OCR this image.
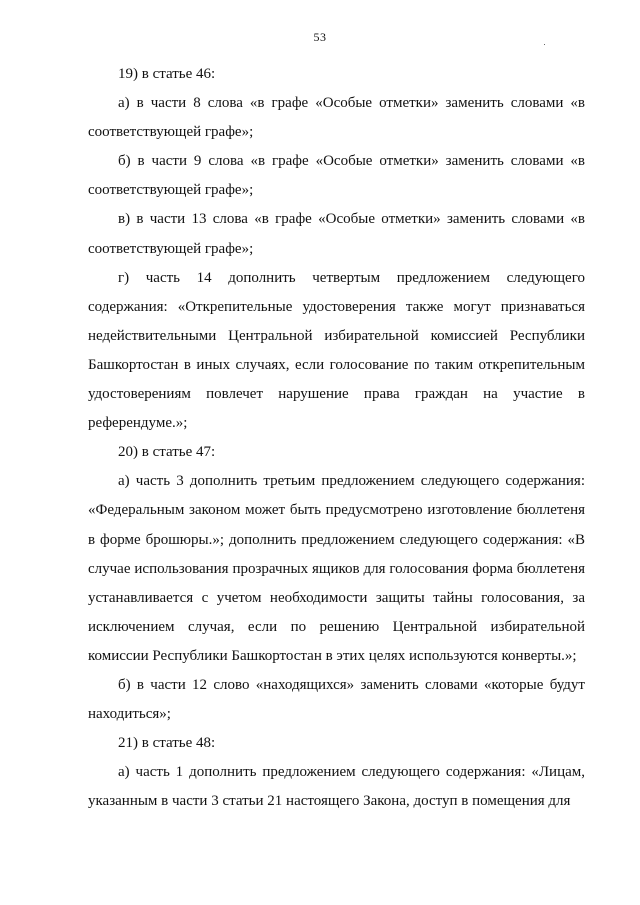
53

19) в статье 46:

а) в части 8 слова «в графе «Особые отметки» заменить словами «в соответствующей графе»;

б) в части 9 слова «в графе «Особые отметки» заменить словами «в соответствующей графе»;

в) в части 13 слова «в графе «Особые отметки» заменить словами «в соответствующей графе»;

г) часть 14 дополнить четвертым предложением следующего содержания: «Открепительные удостоверения также могут признаваться недействительными Центральной избирательной комиссией Республики Башкортостан в иных случаях, если голосование по таким открепительным удостоверениям повлечет нарушение права граждан на участие в референдуме.»;

20) в статье 47:

а) часть 3 дополнить третьим предложением следующего содержания: «Федеральным законом может быть предусмотрено изготовление бюллетеня в форме брошюры.»; дополнить предложением следующего содержания: «В случае использования прозрачных ящиков для голосования форма бюллетеня устанавливается с учетом необходимости защиты тайны голосования, за исключением случая, если по решению Центральной избирательной комиссии Республики Башкортостан в этих целях используются конверты.»;

б) в части 12 слово «находящихся» заменить словами «которые будут находиться»;

21) в статье 48:

а) часть 1 дополнить предложением следующего содержания: «Лицам, указанным в части 3 статьи 21 настоящего Закона, доступ в помещения для
